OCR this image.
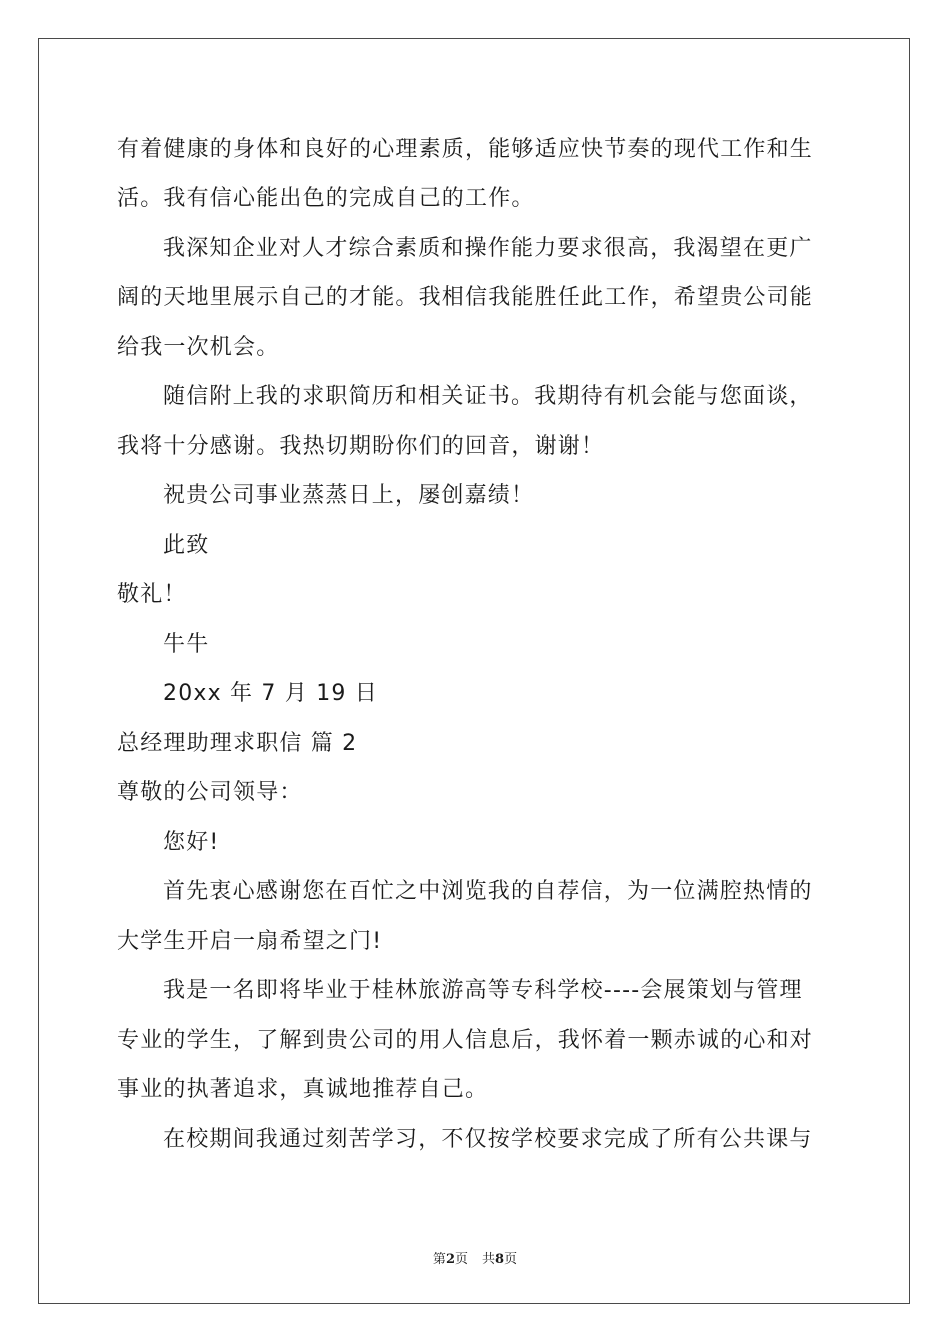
有着健康的身体和良好的心理素质，能够适应快节奏的现代工作和生
活。我有信心能出色的完成自己的工作。
我深知企业对人才综合素质和操作能力要求很高，我渴望在更广
阔的天地里展示自己的才能。我相信我能胜任此工作，希望贵公司能
给我一次机会。
随信附上我的求职简历和相关证书。我期待有机会能与您面谈，
我将十分感谢。我热切期盼你们的回音，谢谢！
祝贵公司事业蒸蒸日上，屡创嘉绩！
此致
敬礼！
牛牛
20xx 年 7 月 19 日
总经理助理求职信 篇 2
尊敬的公司领导：
您好!
首先衷心感谢您在百忙之中浏览我的自荐信，为一位满腔热情的
大学生开启一扇希望之门!
我是一名即将毕业于桂林旅游高等专科学校----会展策划与管理
专业的学生，了解到贵公司的用人信息后，我怀着一颗赤诚的心和对
事业的执著追求，真诚地推荐自己。
在校期间我通过刻苦学习，不仅按学校要求完成了所有公共课与
第2页 共8页
